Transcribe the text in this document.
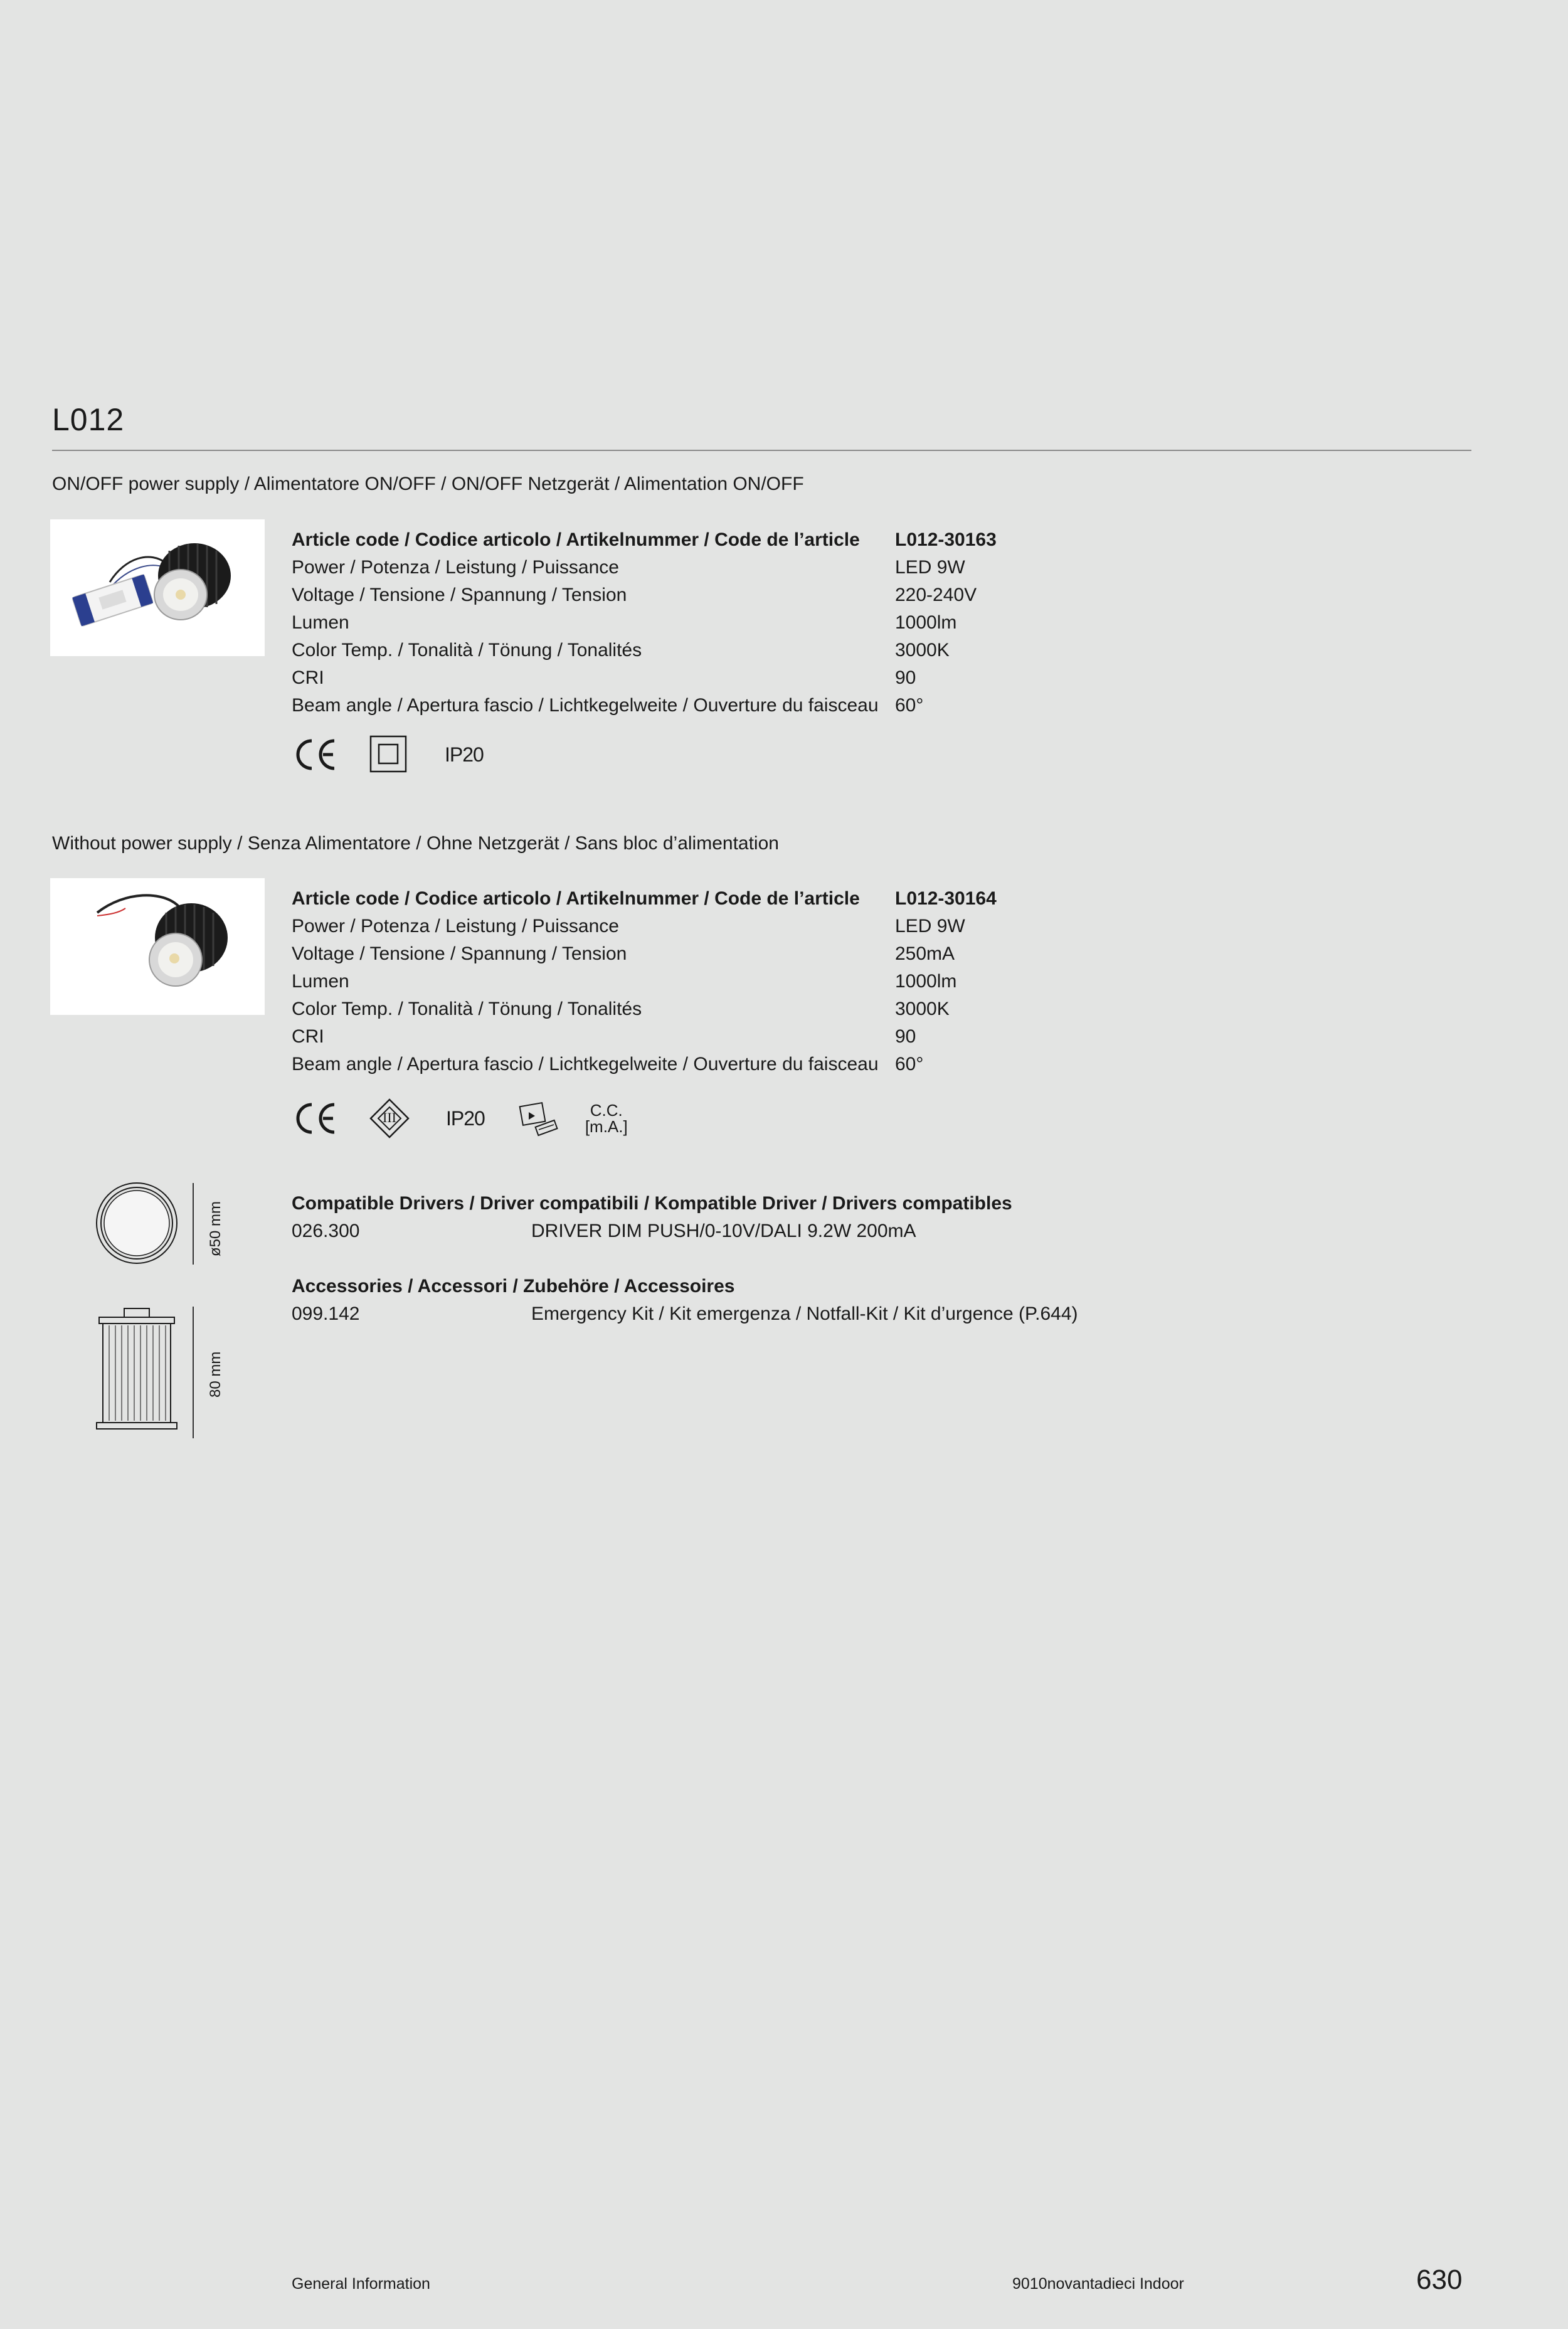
L012
ON/OFF power supply / Alimentatore ON/OFF / ON/OFF Netzgerät / Alimentation ON/OFF
Article code / Codice articolo / Artikelnummer / Code de l’article	L012-30163
Power / Potenza / Leistung / Puissance	LED 9W
Voltage / Tensione / Spannung / Tension	220-240V
Lumen	1000lm
Color Temp. / Tonalità / Tönung / Tonalités	3000K
CRI	90
Beam angle / Apertura fascio / Lichtkegelweite / Ouverture du faisceau 60°
IP20
Without power supply / Senza Alimentatore / Ohne Netzgerät / Sans bloc d’alimentation
Article code / Codice articolo / Artikelnummer / Code de l’article	L012-30164
Power / Potenza / Leistung / Puissance	LED 9W
Voltage / Tensione / Spannung / Tension	250mA
Lumen	1000lm
Color Temp. / Tonalità / Tönung / Tonalités	3000K
CRI	90
Beam angle / Apertura fascio / Lichtkegelweite / Ouverture du faisceau 60°
III	IP20	C.C.
[m.A.]
ø50 mm
80 mm
Compatible Drivers / Driver compatibili / Kompatible Driver / Drivers compatibles
026.300	DRIVER DIM PUSH/0-10V/DALI 9.2W 200mA
Accessories / Accessori / Zubehöre / Accessoires
099.142	Emergency Kit / Kit emergenza / Notfall-Kit / Kit d’urgence (P.644)
General Information	9010novantadieci Indoor	630
